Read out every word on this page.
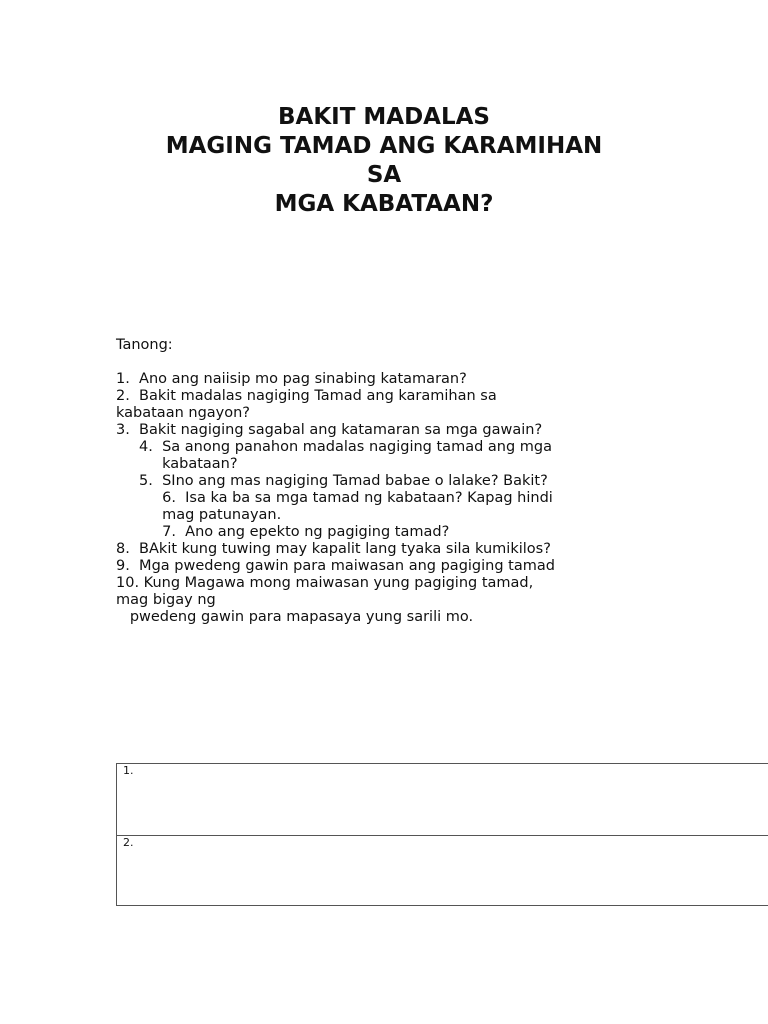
BAKIT MADALAS
MAGING TAMAD ANG KARAMIHAN
SA
MGA KABATAAN?
Tanong:
1.  Ano ang naiisip mo pag sinabing katamaran?
2.  Bakit madalas nagiging Tamad ang karamihan sa
kabataan ngayon?
3.  Bakit nagiging sagabal ang katamaran sa mga gawain?
4.  Sa anong panahon madalas nagiging tamad ang mga
kabataan?
5.  SIno ang mas nagiging Tamad babae o lalake? Bakit?
6.  Isa ka ba sa mga tamad ng kabataan? Kapag hindi
mag patunayan.
7.  Ano ang epekto ng pagiging tamad?
8.  BAkit kung tuwing may kapalit lang tyaka sila kumikilos?
9.  Mga pwedeng gawin para maiwasan ang pagiging tamad
10. Kung Magawa mong maiwasan yung pagiging tamad,
mag bigay ng
pwedeng gawin para mapasaya yung sarili mo.
1.
2.
